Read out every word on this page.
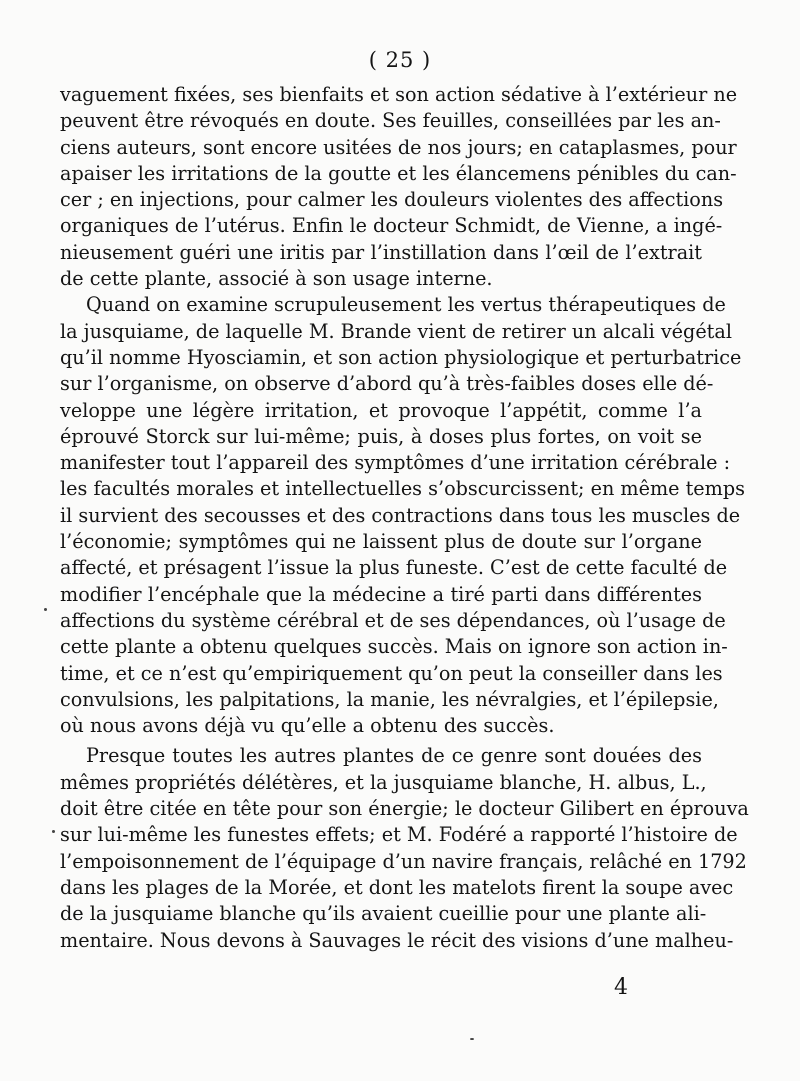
( 25 )
vaguement fixées, ses bienfaits et son action sédative à l’extérieur ne
peuvent être révoqués en doute. Ses feuilles, conseillées par les an-
ciens auteurs, sont encore usitées de nos jours; en cataplasmes, pour
apaiser les irritations de la goutte et les élancemens pénibles du can-
cer ; en injections, pour calmer les douleurs violentes des affections
organiques de l’utérus. Enfin le docteur Schmidt, de Vienne, a ingé-
nieusement guéri une iritis par l’instillation dans l’œil de l’extrait
de cette plante, associé à son usage interne.
Quand on examine scrupuleusement les vertus thérapeutiques de
la jusquiame, de laquelle M. Brande vient de retirer un alcali végétal
qu’il nomme Hyosciamin, et son action physiologique et perturbatrice
sur l’organisme, on observe d’abord qu’à très-faibles doses elle dé-
veloppe une légère irritation, et provoque l’appétit, comme l’a
éprouvé Storck sur lui-même; puis, à doses plus fortes, on voit se
manifester tout l’appareil des symptômes d’une irritation cérébrale :
les facultés morales et intellectuelles s’obscurcissent; en même temps
il survient des secousses et des contractions dans tous les muscles de
l’économie; symptômes qui ne laissent plus de doute sur l’organe
affecté, et présagent l’issue la plus funeste. C’est de cette faculté de
modifier l’encéphale que la médecine a tiré parti dans différentes
affections du système cérébral et de ses dépendances, où l’usage de
cette plante a obtenu quelques succès. Mais on ignore son action in-
time, et ce n’est qu’empiriquement qu’on peut la conseiller dans les
convulsions, les palpitations, la manie, les névralgies, et l’épilepsie,
où nous avons déjà vu qu’elle a obtenu des succès.
Presque toutes les autres plantes de ce genre sont douées des
mêmes propriétés délétères, et la jusquiame blanche, H. albus, L.,
doit être citée en tête pour son énergie; le docteur Gilibert en éprouva
sur lui-même les funestes effets; et M. Fodéré a rapporté l’histoire de
l’empoisonnement de l’équipage d’un navire français, relâché en 1792
dans les plages de la Morée, et dont les matelots firent la soupe avec
de la jusquiame blanche qu’ils avaient cueillie pour une plante ali-
mentaire. Nous devons à Sauvages le récit des visions d’une malheu-
4
